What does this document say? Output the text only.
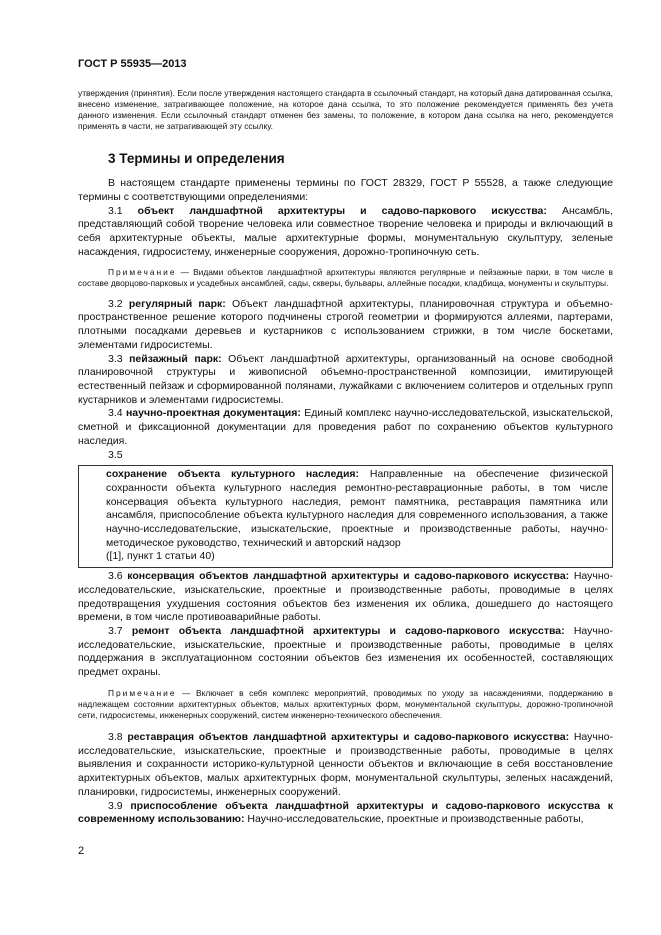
ГОСТ Р 55935—2013

утверждения (принятия). Если после утверждения настоящего стандарта в ссылочный стандарт, на который дана датированная ссылка, внесено изменение, затрагивающее положение, на которое дана ссылка, то это положение рекомендуется применять без учета данного изменения. Если ссылочный стандарт отменен без замены, то положение, в котором дана ссылка на него, рекомендуется применять в части, не затрагивающей эту ссылку.

3 Термины и определения

В настоящем стандарте применены термины по ГОСТ 28329, ГОСТ Р 55528, а также следующие термины с соответствующими определениями:

3.1 объект ландшафтной архитектуры и садово-паркового искусства: Ансамбль, представляющий собой творение человека или совместное творение человека и природы и включающий в себя архитектурные объекты, малые архитектурные формы, монументальную скульптуру, зеленые насаждения, гидросистему, инженерные сооружения, дорожно-тропиночную сеть.

Примечание — Видами объектов ландшафтной архитектуры являются регулярные и пейзажные парки, в том числе в составе дворцово-парковых и усадебных ансамблей, сады, скверы, бульвары, аллейные посадки, кладбища, монументы и скульптуры.

3.2 регулярный парк: Объект ландшафтной архитектуры, планировочная структура и объемно-пространственное решение которого подчинены строгой геометрии и формируются аллеями, партерами, плотными посадками деревьев и кустарников с использованием стрижки, в том числе боскетами, элементами гидросистемы.

3.3 пейзажный парк: Объект ландшафтной архитектуры, организованный на основе свободной планировочной структуры и живописной объемно-пространственной композиции, имитирующей естественный пейзаж и сформированной полянами, лужайками с включением солитеров и отдельных групп кустарников и элементами гидросистемы.

3.4 научно-проектная документация: Единый комплекс научно-исследовательской, изыскательской, сметной и фиксационной документации для проведения работ по сохранению объектов культурного наследия.

3.5

сохранение объекта культурного наследия: Направленные на обеспечение физической сохранности объекта культурного наследия ремонтно-реставрационные работы, в том числе консервация объекта культурного наследия, ремонт памятника, реставрация памятника или ансамбля, приспособление объекта культурного наследия для современного использования, а также научно-исследовательские, изыскательские, проектные и производственные работы, научно-методическое руководство, технический и авторский надзор

([1], пункт 1 статьи 40)

3.6 консервация объектов ландшафтной архитектуры и садово-паркового искусства: Научно-исследовательские, изыскательские, проектные и производственные работы, проводимые в целях предотвращения ухудшения состояния объектов без изменения их облика, дошедшего до настоящего времени, в том числе противоаварийные работы.

3.7 ремонт объекта ландшафтной архитектуры и садово-паркового искусства: Научно-исследовательские, изыскательские, проектные и производственные работы, проводимые в целях поддержания в эксплуатационном состоянии объектов без изменения их особенностей, составляющих предмет охраны.

Примечание — Включает в себя комплекс мероприятий, проводимых по уходу за насаждениями, поддержанию в надлежащем состоянии архитектурных объектов, малых архитектурных форм, монументальной скульптуры, дорожно-тропиночной сети, гидросистемы, инженерных сооружений, систем инженерно-технического обеспечения.

3.8 реставрация объектов ландшафтной архитектуры и садово-паркового искусства: Научно-исследовательские, изыскательские, проектные и производственные работы, проводимые в целях выявления и сохранности историко-культурной ценности объектов и включающие в себя восстановление архитектурных объектов, малых архитектурных форм, монументальной скульптуры, зеленых насаждений, планировки, гидросистемы, инженерных сооружений.

3.9 приспособление объекта ландшафтной архитектуры и садово-паркового искусства к современному использованию: Научно-исследовательские, проектные и производственные работы,

2
